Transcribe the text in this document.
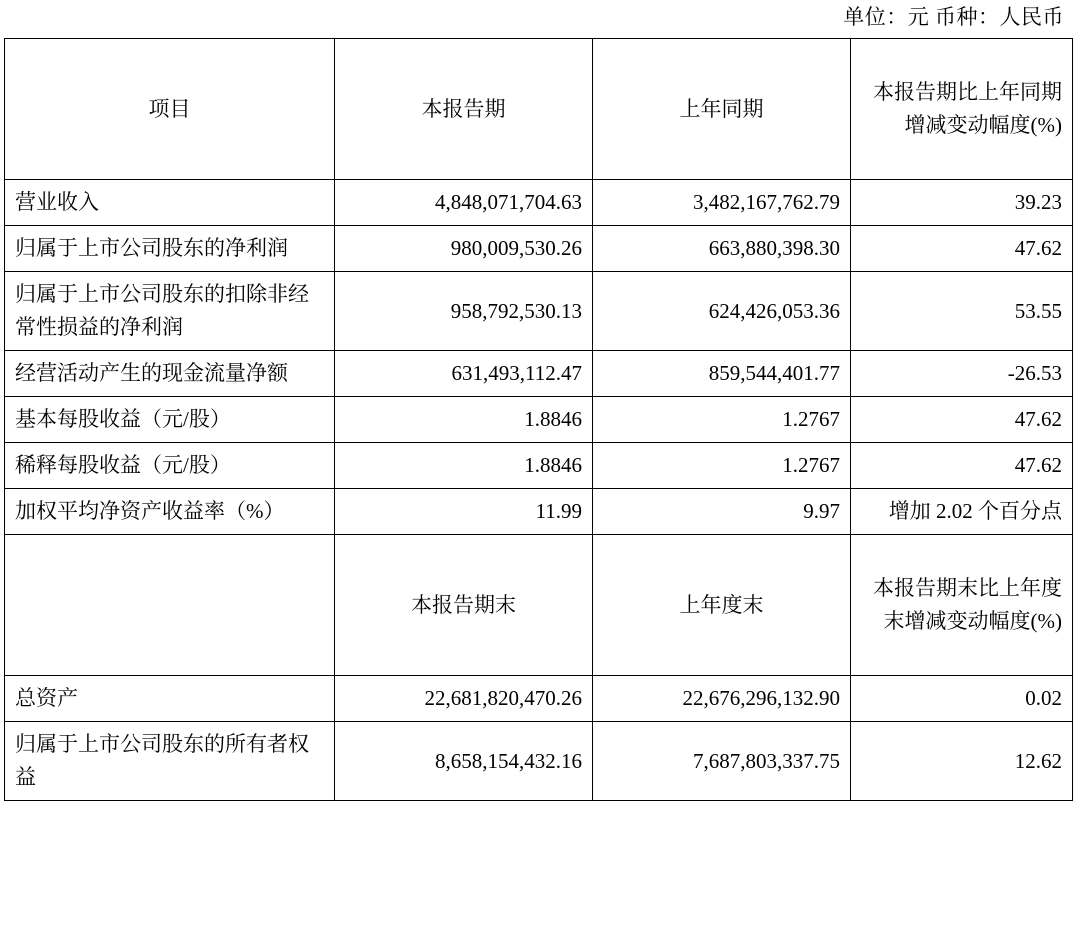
单位：元 币种：人民币
项目	本报告期	上年同期	本报告期比上年同期增减变动幅度(%)
营业收入	4,848,071,704.63	3,482,167,762.79	39.23
归属于上市公司股东的净利润	980,009,530.26	663,880,398.30	47.62
归属于上市公司股东的扣除非经常性损益的净利润	958,792,530.13	624,426,053.36	53.55
经营活动产生的现金流量净额	631,493,112.47	859,544,401.77	-26.53
基本每股收益（元/股）	1.8846	1.2767	47.62
稀释每股收益（元/股）	1.8846	1.2767	47.62
加权平均净资产收益率（%）	11.99	9.97	增加 2.02 个百分点
	本报告期末	上年度末	本报告期末比上年度末增减变动幅度(%)
总资产	22,681,820,470.26	22,676,296,132.90	0.02
归属于上市公司股东的所有者权益	8,658,154,432.16	7,687,803,337.75	12.62
